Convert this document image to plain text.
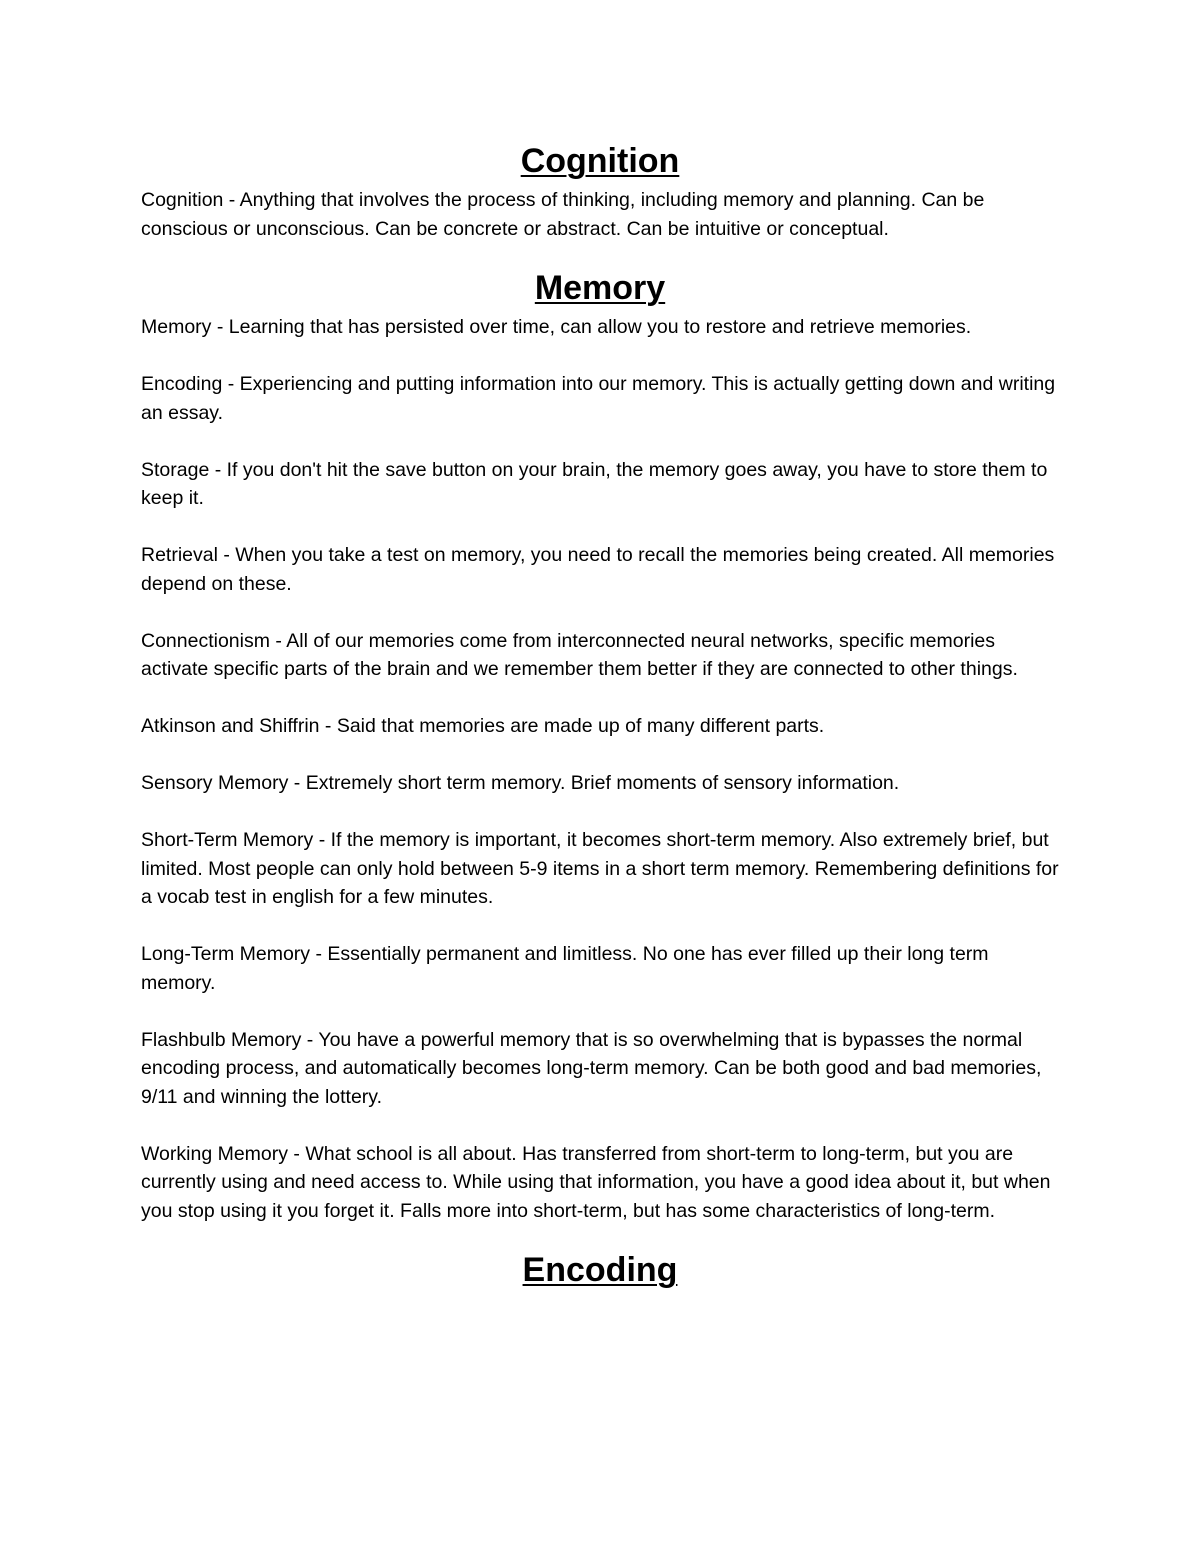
Cognition

Cognition - Anything that involves the process of thinking, including memory and planning. Can be conscious or unconscious. Can be concrete or abstract. Can be intuitive or conceptual.

Memory

Memory - Learning that has persisted over time, can allow you to restore and retrieve memories.

Encoding - Experiencing and putting information into our memory. This is actually getting down and writing an essay.

Storage - If you don't hit the save button on your brain, the memory goes away, you have to store them to keep it.

Retrieval - When you take a test on memory, you need to recall the memories being created. All memories depend on these.

Connectionism - All of our memories come from interconnected neural networks, specific memories activate specific parts of the brain and we remember them better if they are connected to other things.

Atkinson and Shiffrin - Said that memories are made up of many different parts.

Sensory Memory - Extremely short term memory. Brief moments of sensory information.

Short-Term Memory - If the memory is important, it becomes short-term memory. Also extremely brief, but limited. Most people can only hold between 5-9 items in a short term memory. Remembering definitions for a vocab test in english for a few minutes.

Long-Term Memory - Essentially permanent and limitless. No one has ever filled up their long term memory.

Flashbulb Memory - You have a powerful memory that is so overwhelming that is bypasses the normal encoding process, and automatically becomes long-term memory. Can be both good and bad memories, 9/11 and winning the lottery.

Working Memory - What school is all about. Has transferred from short-term to long-term, but you are currently using and need access to. While using that information, you have a good idea about it, but when you stop using it you forget it. Falls more into short-term, but has some characteristics of long-term.

Encoding
